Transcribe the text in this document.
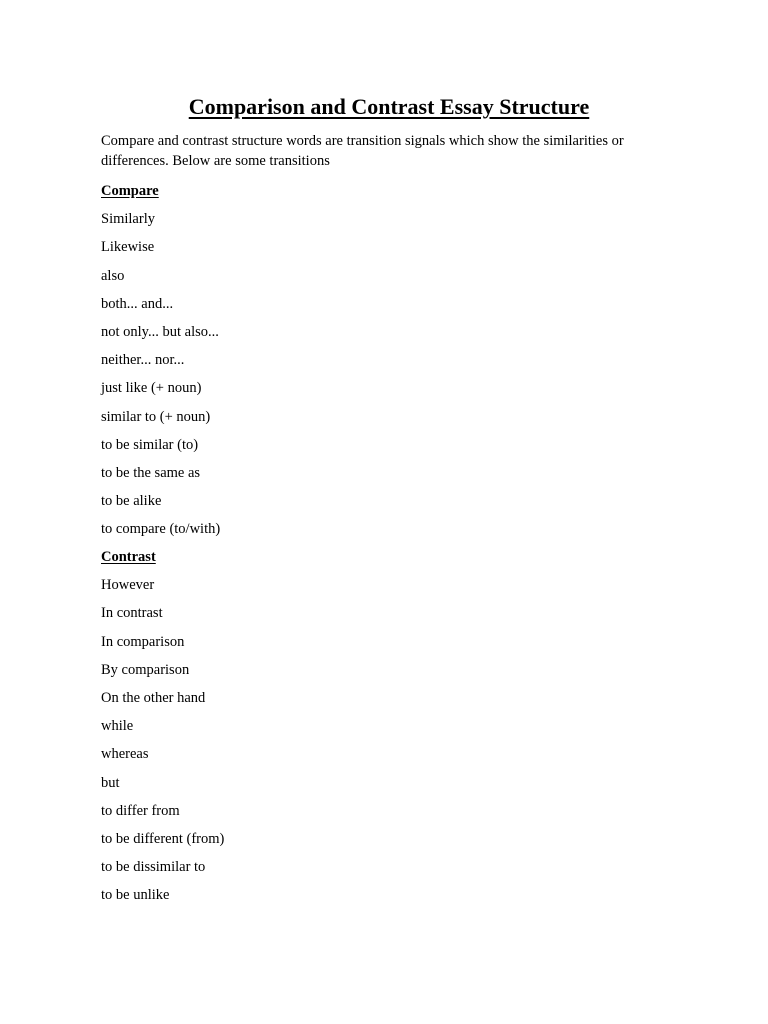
Comparison and Contrast Essay Structure

Compare and contrast structure words are transition signals which show the similarities or differences. Below are some transitions

Compare
Similarly
Likewise
also
both... and...
not only... but also...
neither... nor...
just like (+ noun)
similar to (+ noun)
to be similar (to)
to be the same as
to be alike
to compare (to/with)
Contrast
However
In contrast
In comparison
By comparison
On the other hand
while
whereas
but
to differ from
to be different (from)
to be dissimilar to
to be unlike
